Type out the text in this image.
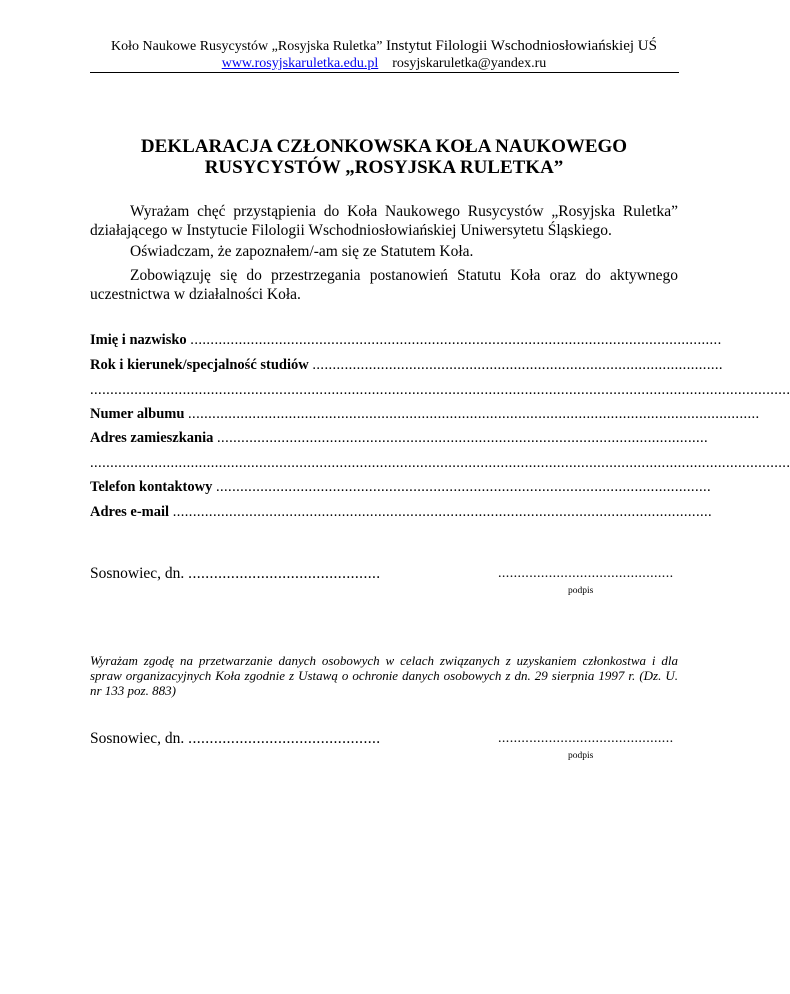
Koło Naukowe Rusycystów „Rosyjska Ruletka” Instytut Filologii Wschodniosłowiańskiej UŚ
www.rosyjskaruletka.edu.pl rosyjskaruletka@yandex.ru
DEKLARACJA CZŁONKOWSKA KOŁA NAUKOWEGO
RUSYCYSTÓW „ROSYJSKA RULETKA”

Wyrażam chęć przystąpienia do Koła Naukowego Rusycystów „Rosyjska Ruletka” działającego w Instytucie Filologii Wschodniosłowiańskiej Uniwersytetu Śląskiego.

Oświadczam, że zapoznałem/-am się ze Statutem Koła.

Zobowiązuję się do przestrzegania postanowień Statutu Koła oraz do aktywnego uczestnictwa w działalności Koła.

Imię i nazwisko ....................................................................................................................................
Rok i kierunek/specjalność studiów ......................................................................................................
..............................................................................................................................................................................
Numer albumu ..............................................................................................................................................
Adres zamieszkania ..........................................................................................................................
..............................................................................................................................................................................
Telefon kontaktowy ...........................................................................................................................
Adres e-mail ......................................................................................................................................
Sosnowiec, dn. .............................................	.............................................
podpis

Wyrażam zgodę na przetwarzanie danych osobowych w celach związanych z uzyskaniem członkostwa i dla spraw organizacyjnych Koła zgodnie z Ustawą o ochronie danych osobowych z dn. 29 sierpnia 1997 r. (Dz. U. nr 133 poz. 883)

Sosnowiec, dn. .............................................	.............................................
podpis
